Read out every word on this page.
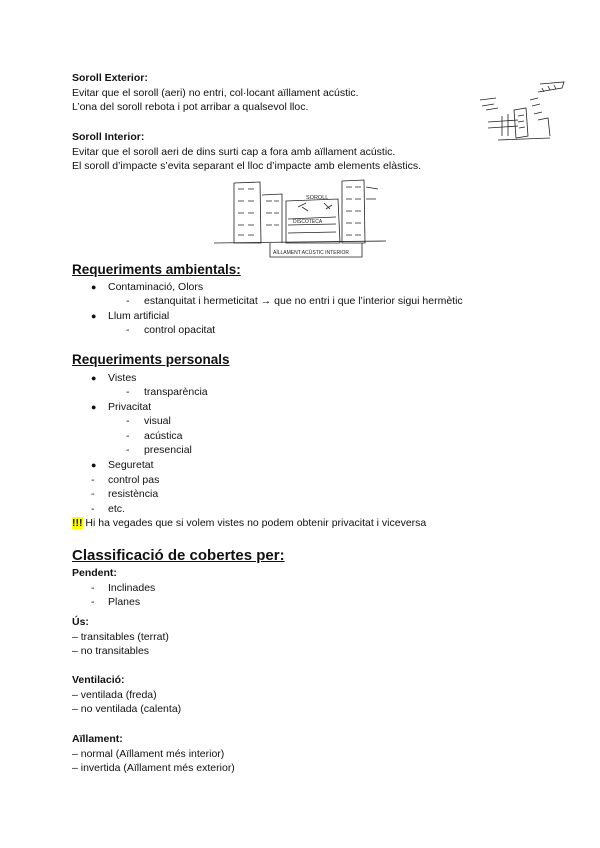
Soroll Exterior:
Evitar que el soroll (aeri) no entri, col·locant aïllament acústic.
L’ona del soroll rebota i pot arribar a qualsevol lloc.
Soroll Interior:
Evitar que el soroll aeri de dins surti cap a fora amb aïllament acústic.
El soroll d’impacte s’evita separant el lloc d’impacte amb elements elàstics.
SOROLL
DISCOTECA
AÏLLAMENT ACÚSTIC INTERIOR
Requeriments ambientals:
● Contaminació, Olors
- estanquitat i hermeticitat → que no entri i que l’interior sigui hermètic
● Llum artificial
- control opacitat
Requeriments personals
● Vistes
- transparència
● Privacitat
- visual
- acústica
- presencial
● Seguretat
- control pas
- resistència
- etc.
!!! Hi ha vegades que si volem vistes no podem obtenir privacitat i viceversa
Classificació de cobertes per:
Pendent:
- Inclinades
- Planes
Ús:
– transitables (terrat)
– no transitables
Ventilació:
– ventilada (freda)
– no ventilada (calenta)
Aïllament:
– normal (Aïllament més interior)
– invertida (Aïllament més exterior)
